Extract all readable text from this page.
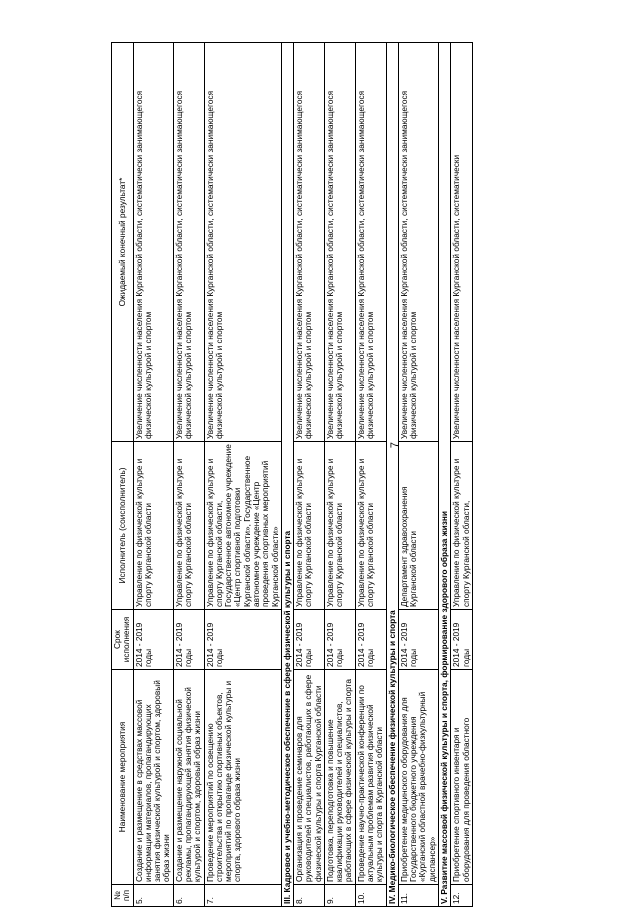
7
№ п/п	Наименование мероприятия	Срок исполнения	Исполнитель (соисполнитель)	Ожидаемый конечный результат*
5.	Создание и размещение в средствах массовой информации материалов, пропагандирующих занятия физической культурой и спортом, здоровый образ жизни	2014 - 2019 годы	Управление по физической культуре и спорту Курганской области	Увеличение численности населения Курганской области, систематически занимающегося физической культурой и спортом
6.	Создание и размещение наружной социальной рекламы, пропагандирующей занятия физической культурой и спортом, здоровый образ жизни	2014 - 2019 годы	Управление по физической культуре и спорту Курганской области	Увеличение численности населения Курганской области, систематически занимающегося физической культурой и спортом
7.	Проведение мероприятий по освещению строительства и открытию спортивных объектов, мероприятий по пропаганде физической культуры и спорта, здорового образа жизни	2014 - 2019 годы	Управление по физической культуре и спорту Курганской области, Государственное автономное учреждение «Центр спортивной подготовки Курганской области», Государственное автономное учреждение «Центр проведения спортивных мероприятий Курганской области»	Увеличение численности населения Курганской области, систематически занимающегося физической культурой и спортом
III. Кадровое и учебно-методическое обеспечение в сфере физической культуры и спорта				
8.	Организация и проведение семинаров для руководителей и специалистов, работающих в сфере физической культуры и спорта Курганской области	2014 - 2019 годы	Управление по физической культуре и спорту Курганской области	Увеличение численности населения Курганской области, систематически занимающегося физической культурой и спортом
9.	Подготовка, переподготовка и повышение квалификации руководителей и специалистов, работающих в сфере физической культуры и спорта	2014 - 2019 годы	Управление по физической культуре и спорту Курганской области	Увеличение численности населения Курганской области, систематически занимающегося физической культурой и спортом
10.	Проведение научно-практической конференции по актуальным проблемам развития физической культуры и спорта в Курганской области	2014 - 2019 годы	Управление по физической культуре и спорту Курганской области	Увеличение численности населения Курганской области, систематически занимающегося физической культурой и спортом
IV. Медико-биологическое обеспечение физической культуры и спорта				
11.	Приобретение медицинского оборудования для Государственного бюджетного учреждения «Курганский областной врачебно-физкультурный диспансер»	2014 - 2019 годы	Департамент здравоохранения Курганской области	Увеличение численности населения Курганской области, систематически занимающегося физической культурой и спортом
V. Развитие массовой физической культуры и спорта, формирование здорового образа жизни				
12.	Приобретение спортивного инвентаря и оборудования для проведения областного	2014 - 2019 годы	Управление по физической культуре и спорту Курганской области,	Увеличение численности населения Курганской области, систематически
